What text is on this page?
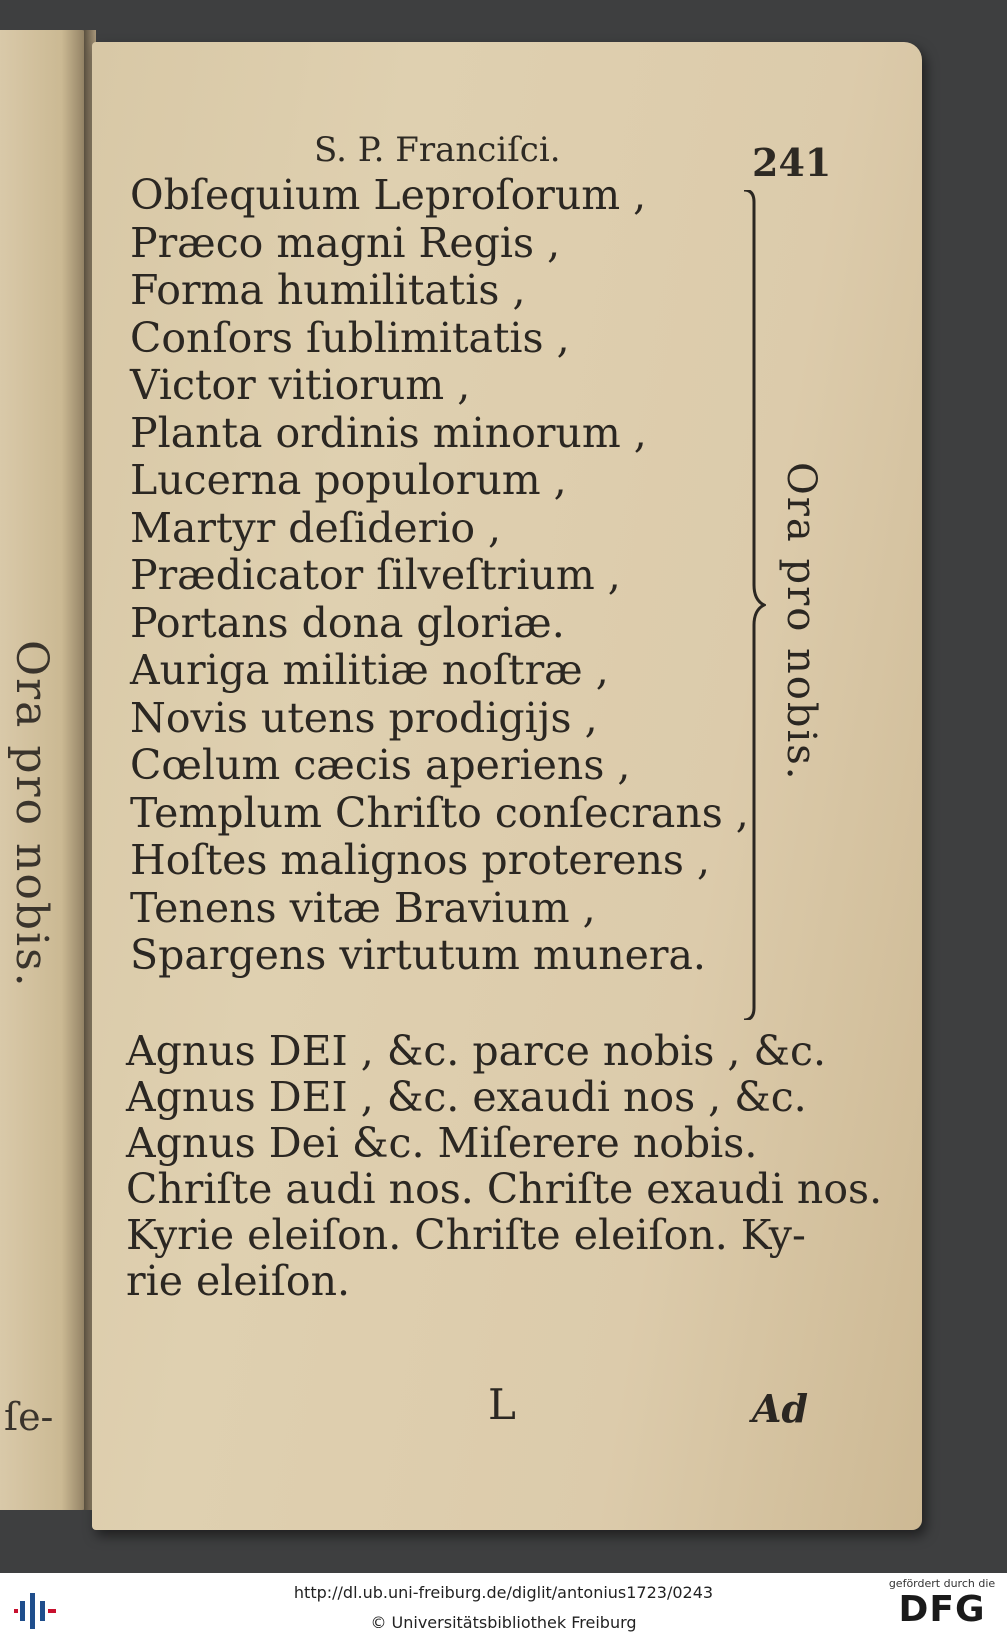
Ora pro nobis.
ſe-
S. P. Franciſci.	241
Obſequium Leproſorum ,
Præco magni Regis ,
Forma humilitatis ,
Conſors ſublimitatis ,
Victor vitiorum ,
Planta ordinis minorum ,
Lucerna populorum ,
Martyr deſiderio ,
Prædicator ſilveſtrium ,
Portans dona gloriæ.
Auriga militiæ noſtræ ,
Novis utens prodigijs ,
Cœlum cæcis aperiens ,
Templum Chriſto conſecrans ,
Hoſtes malignos proterens ,
Tenens vitæ Bravium ,
Spargens virtutum munera.
Ora pro nobis.
Agnus DEI , &c. parce nobis , &c.
Agnus DEI , &c. exaudi nos , &c.
Agnus Dei &c. Miſerere nobis.
Chriſte audi nos. Chriſte exaudi nos.
Kyrie eleiſon. Chriſte eleiſon. Ky-
rie eleiſon.
L	Ad
http://dl.ub.uni-freiburg.de/diglit/antonius1723/0243
© Universitätsbibliothek Freiburg
gefördert durch die
DFG
